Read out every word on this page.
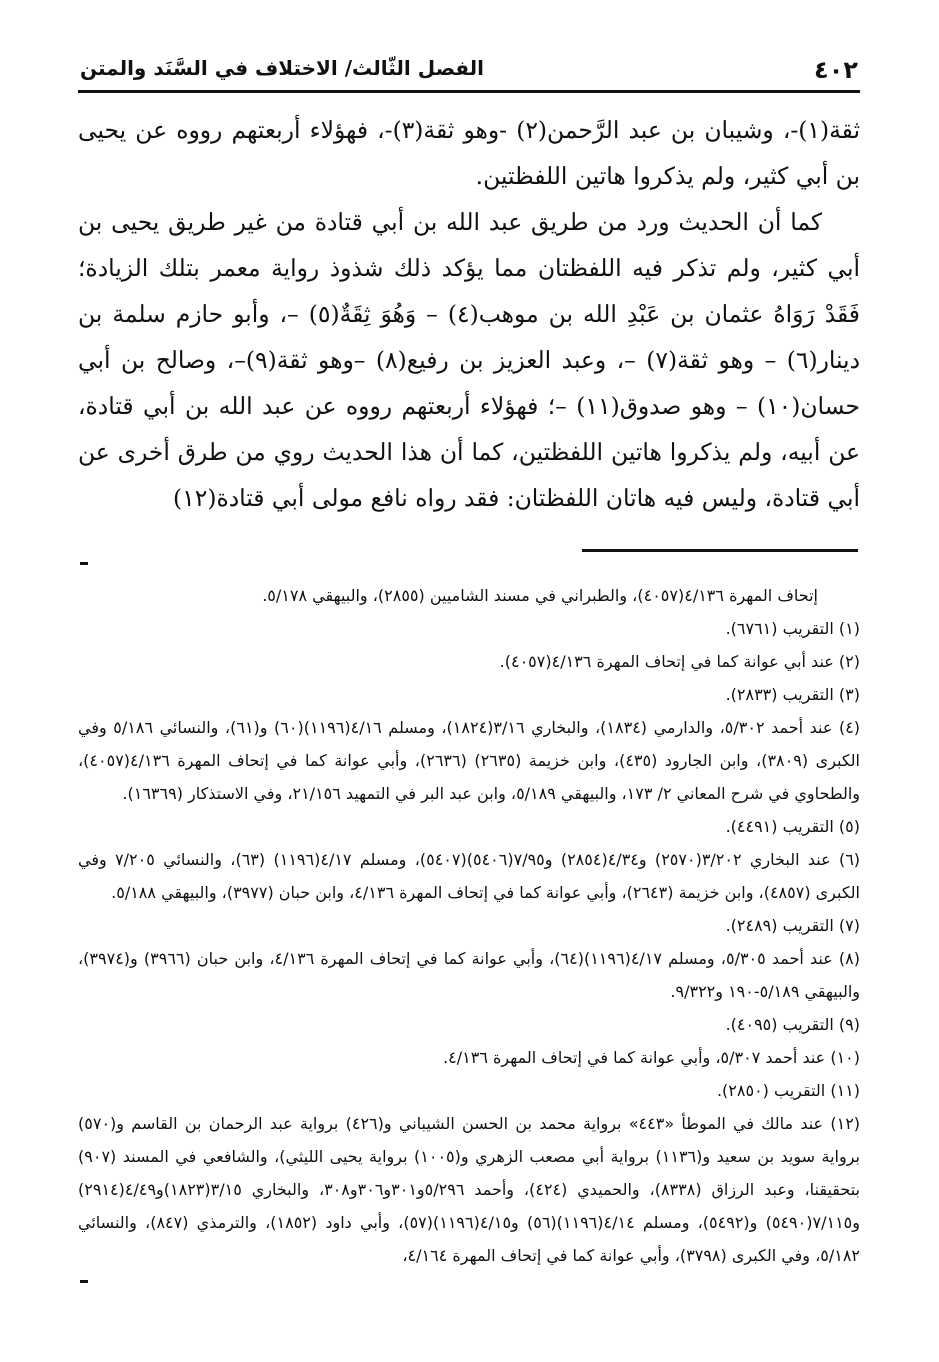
٤٠٢
الفصل الثّالث/ الاختلاف في السَّنَد والمتن

ثقة(١)-، وشيبان بن عبد الرَّحمن(٢) -وهو ثقة(٣)-، فهؤلاء أربعتهم رووه عن يحيى بن أبي كثير، ولم يذكروا هاتين اللفظتين.

كما أن الحديث ورد من طريق عبد الله بن أبي قتادة من غير طريق يحيى بن أبي كثير، ولم تذكر فيه اللفظتان مما يؤكد ذلك شذوذ رواية معمر بتلك الزيادة؛ فَقَدْ رَوَاهُ عثمان بن عَبْدِ الله بن موهب(٤) – وَهُوَ ثِقَةٌ(٥) –، وأبو حازم سلمة بن دينار(٦) – وهو ثقة(٧) –، وعبد العزيز بن رفيع(٨) –وهو ثقة(٩)–، وصالح بن أبي حسان(١٠) – وهو صدوق(١١) –؛ فهؤلاء أربعتهم رووه عن عبد الله بن أبي قتادة، عن أبيه، ولم يذكروا هاتين اللفظتين، كما أن هذا الحديث روي من طرق أخرى عن أبي قتادة، وليس فيه هاتان اللفظتان: فقد رواه نافع مولى أبي قتادة(١٢)

إتحاف المهرة ٤/١٣٦(٤٠٥٧)، والطبراني في مسند الشاميين (٢٨٥٥)، والبيهقي ٥/١٧٨.

(١) التقريب (٦٧٦١).

(٢) عند أبي عوانة كما في إتحاف المهرة ٤/١٣٦(٤٠٥٧).

(٣) التقريب (٢٨٣٣).

(٤) عند أحمد ٥/٣٠٢، والدارمي (١٨٣٤)، والبخاري ٣/١٦(١٨٢٤)، ومسلم ٤/١٦(١١٩٦)(٦٠) و(٦١)، والنسائي ٥/١٨٦ وفي الكبرى (٣٨٠٩)، وابن الجارود (٤٣٥)، وابن خزيمة (٢٦٣٥) (٢٦٣٦)، وأبي عوانة كما في إتحاف المهرة ٤/١٣٦(٤٠٥٧)، والطحاوي في شرح المعاني ٢/ ١٧٣، والبيهقي ٥/١٨٩، وابن عبد البر في التمهيد ٢١/١٥٦، وفي الاستذكار (١٦٣٦٩).

(٥) التقريب (٤٤٩١).

(٦) عند البخاري ٣/٢٠٢(٢٥٧٠) و٤/٣٤(٢٨٥٤) و٧/٩٥(٥٤٠٦)(٥٤٠٧)، ومسلم ٤/١٧(١١٩٦) (٦٣)، والنسائي ٧/٢٠٥ وفي الكبرى (٤٨٥٧)، وابن خزيمة (٢٦٤٣)، وأبي عوانة كما في إتحاف المهرة ٤/١٣٦، وابن حبان (٣٩٧٧)، والبيهقي ٥/١٨٨.

(٧) التقريب (٢٤٨٩).

(٨) عند أحمد ٥/٣٠٥، ومسلم ٤/١٧(١١٩٦)(٦٤)، وأبي عوانة كما في إتحاف المهرة ٤/١٣٦، وابن حبان (٣٩٦٦) و(٣٩٧٤)، والبيهقي ٥/١٨٩-١٩٠ و٩/٣٢٢.

(٩) التقريب (٤٠٩٥).

(١٠) عند أحمد ٥/٣٠٧، وأبي عوانة كما في إتحاف المهرة ٤/١٣٦.

(١١) التقريب (٢٨٥٠).

(١٢) عند مالك في الموطأ «٤٤٣» برواية محمد بن الحسن الشيباني و(٤٢٦) برواية عبد الرحمان بن القاسم و(٥٧٠) برواية سويد بن سعيد و(١١٣٦) برواية أبي مصعب الزهري و(١٠٠٥) برواية يحيى الليثي)، والشافعي في المسند (٩٠٧) بتحقيقنا، وعبد الرزاق (٨٣٣٨)، والحميدي (٤٢٤)، وأحمد ٥/٢٩٦و٣٠١و٣٠٦و٣٠٨، والبخاري ٣/١٥(١٨٢٣)و٤/٤٩(٢٩١٤) و٧/١١٥(٥٤٩٠) و(٥٤٩٢)، ومسلم ٤/١٤(١١٩٦)(٥٦) و٤/١٥(١١٩٦)(٥٧)، وأبي داود (١٨٥٢)، والترمذي (٨٤٧)، والنسائي ٥/١٨٢، وفي الكبرى (٣٧٩٨)، وأبي عوانة كما في إتحاف المهرة ٤/١٦٤،
